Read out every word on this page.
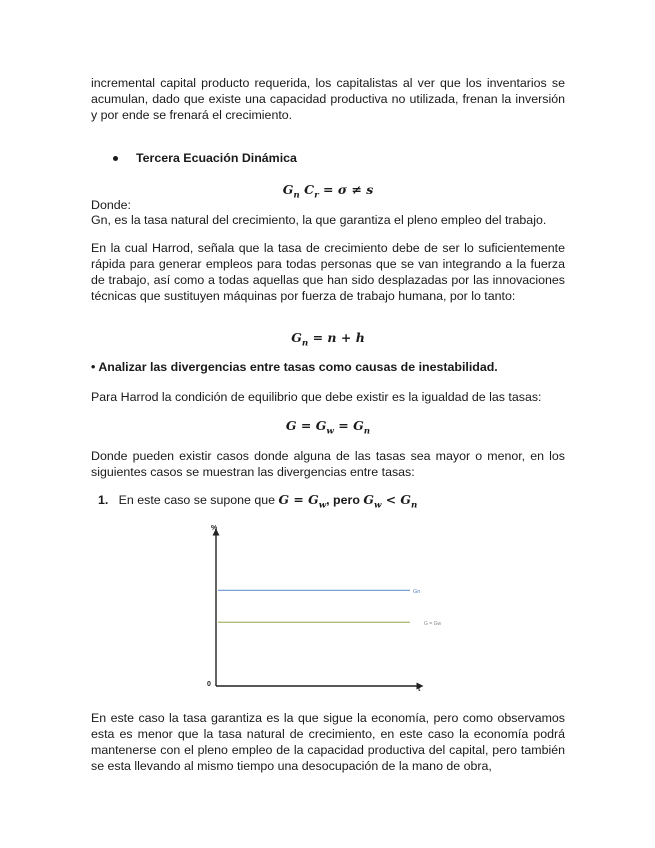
incremental capital producto requerida, los capitalistas al ver que los inventarios se acumulan, dado que existe una capacidad productiva no utilizada, frenan la inversión y por ende se frenará el crecimiento.

Tercera Ecuación Dinámica
$G_n$ $C_r = \sigma \ne s$

Donde:

Gn, es la tasa natural del crecimiento, la que garantiza el pleno empleo del trabajo.

En la cual Harrod, señala que la tasa de crecimiento debe de ser lo suficientemente rápida para generar empleos para todas personas que se van integrando a la fuerza de trabajo, así como a todas aquellas que han sido desplazadas por las innovaciones técnicas que sustituyen máquinas por fuerza de trabajo humana, por lo tanto:

$G_n = n + h$

• Analizar las divergencias entre tasas como causas de inestabilidad.

Para Harrod la condición de equilibrio que debe existir es la igualdad de las tasas:

$G = G_w = G_n$

Donde pueden existir casos donde alguna de las tasas sea mayor o menor, en los siguientes casos se muestran las divergencias entre tasas:

1. En este caso se supone que $G = G_w$, pero $G_w < G_n$
%
t
0
Gn
G = Gw

En este caso la tasa garantiza es la que sigue la economía, pero como observamos esta es menor que la tasa natural de crecimiento, en este caso la economía podrá mantenerse con el pleno empleo de la capacidad productiva del capital, pero también se esta llevando al mismo tiempo una desocupación de la mano de obra,
